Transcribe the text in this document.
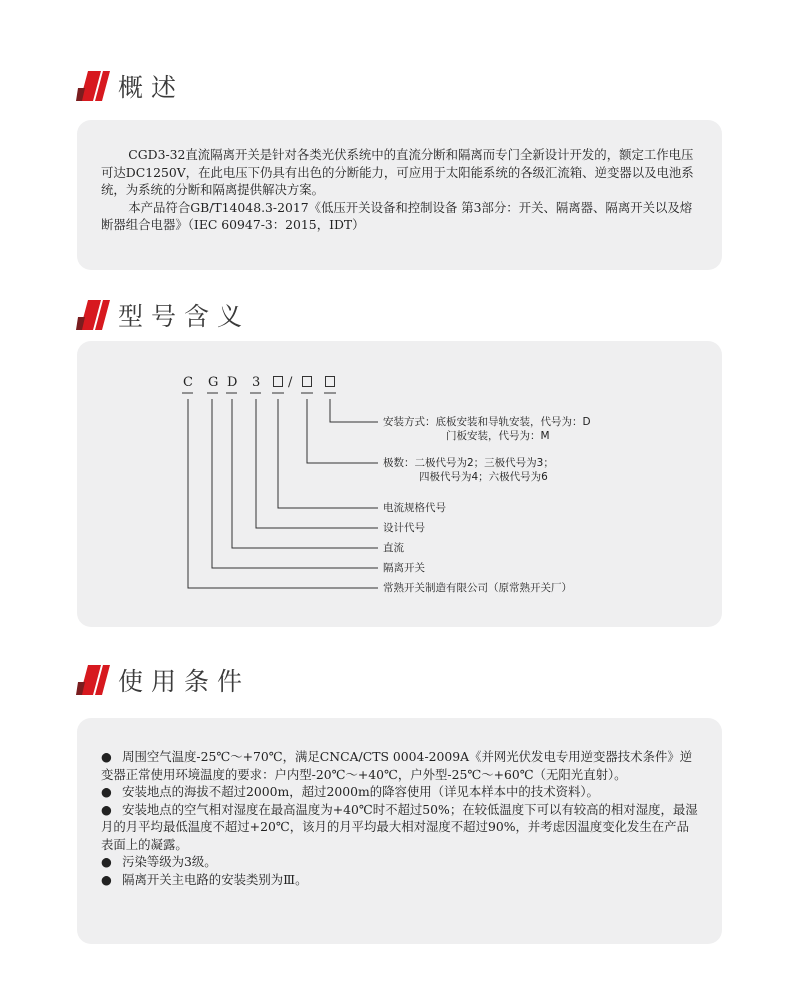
概述

CGD3-32直流隔离开关是针对各类光伏系统中的直流分断和隔离而专门全新设计开发的，额定工作电压可达DC1250V，在此电压下仍具有出色的分断能力，可应用于太阳能系统的各级汇流箱、逆变器以及电池系统，为系统的分断和隔离提供解决方案。

本产品符合GB/T14048.3-2017《低压开关设备和控制设备 第3部分：开关、隔离器、隔离开关以及熔断器组合电器》（IEC 60947-3：2015，IDT）

型号含义
C G D 3 /
安装方式：底板安装和导轨安装，代号为：D
门板安装，代号为：M
极数：二极代号为2；三极代号为3；
四极代号为4；六极代号为6
电流规格代号
设计代号
直流
隔离开关
常熟开关制造有限公司（原常熟开关厂）
使用条件

● 周围空气温度-25℃～+70℃，满足CNCA/CTS 0004-2009A《并网光伏发电专用逆变器技术条件》逆变器正常使用环境温度的要求：户内型-20℃～+40℃，户外型-25℃～+60℃（无阳光直射）。

● 安装地点的海拔不超过2000m，超过2000m的降容使用（详见本样本中的技术资料）。

● 安装地点的空气相对湿度在最高温度为+40℃时不超过50%；在较低温度下可以有较高的相对湿度，最湿月的月平均最低温度不超过+20℃，该月的月平均最大相对湿度不超过90%，并考虑因温度变化发生在产品表面上的凝露。

● 污染等级为3级。

● 隔离开关主电路的安装类别为Ⅲ。
